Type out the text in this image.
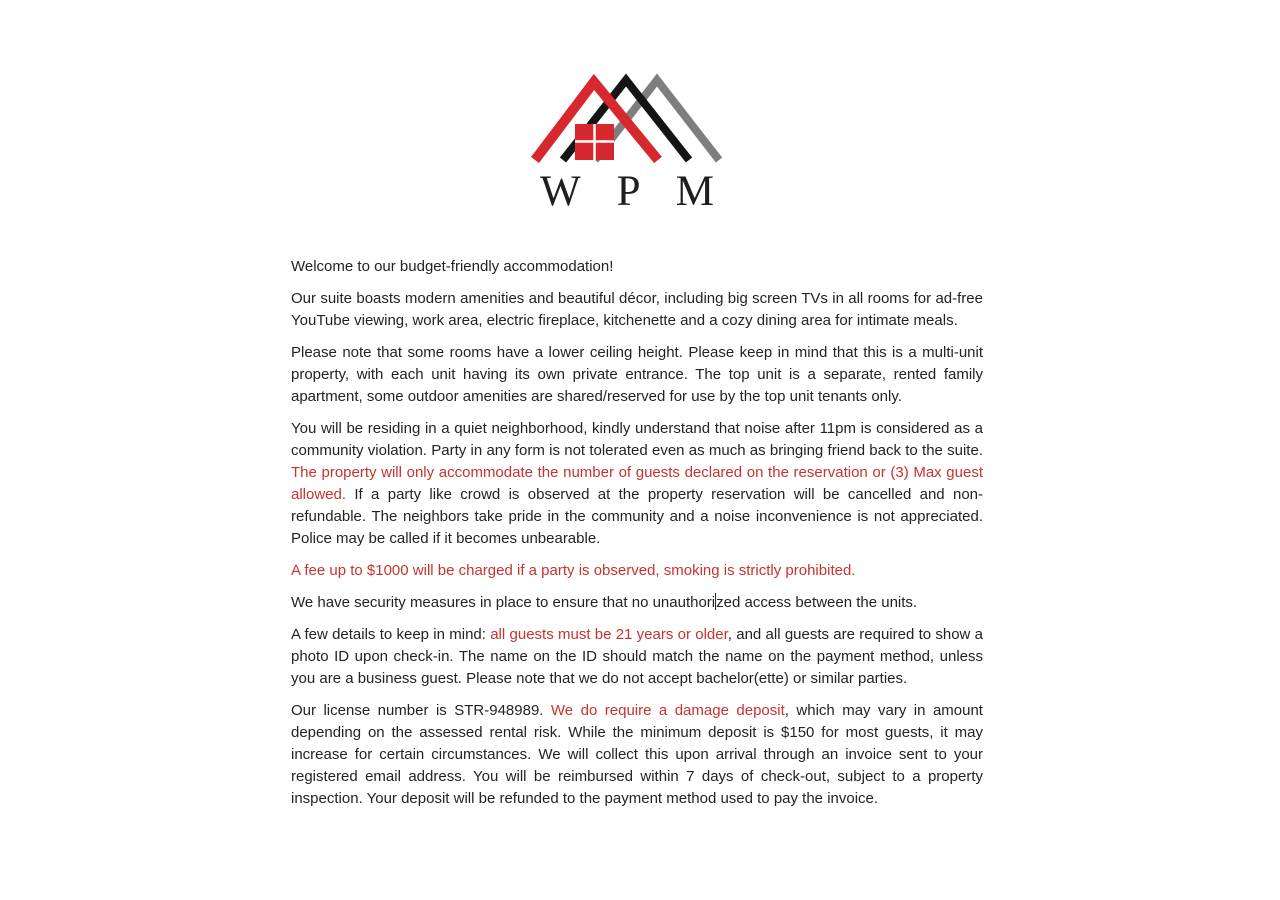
W P M

Welcome to our budget-friendly accommodation!

Our suite boasts modern amenities and beautiful décor, including big screen TVs in all rooms for ad-free YouTube viewing, work area, electric fireplace, kitchenette and a cozy dining area for intimate meals.

Please note that some rooms have a lower ceiling height. Please keep in mind that this is a multi-unit property, with each unit having its own private entrance. The top unit is a separate, rented family apartment, some outdoor amenities are shared/reserved for use by the top unit tenants only.

You will be residing in a quiet neighborhood, kindly understand that noise after 11pm is considered as a community violation. Party in any form is not tolerated even as much as bringing friend back to the suite. The property will only accommodate the number of guests declared on the reservation or (3) Max guest allowed. If a party like crowd is observed at the property reservation will be cancelled and non-refundable. The neighbors take pride in the community and a noise inconvenience is not appreciated. Police may be called if it becomes unbearable.

A fee up to $1000 will be charged if a party is observed, smoking is strictly prohibited.

We have security measures in place to ensure that no unauthorized access between the units.

A few details to keep in mind: all guests must be 21 years or older, and all guests are required to show a photo ID upon check-in. The name on the ID should match the name on the payment method, unless you are a business guest. Please note that we do not accept bachelor(ette) or similar parties.

Our license number is STR-948989. We do require a damage deposit, which may vary in amount depending on the assessed rental risk. While the minimum deposit is $150 for most guests, it may increase for certain circumstances. We will collect this upon arrival through an invoice sent to your registered email address. You will be reimbursed within 7 days of check-out, subject to a property inspection. Your deposit will be refunded to the payment method used to pay the invoice.
